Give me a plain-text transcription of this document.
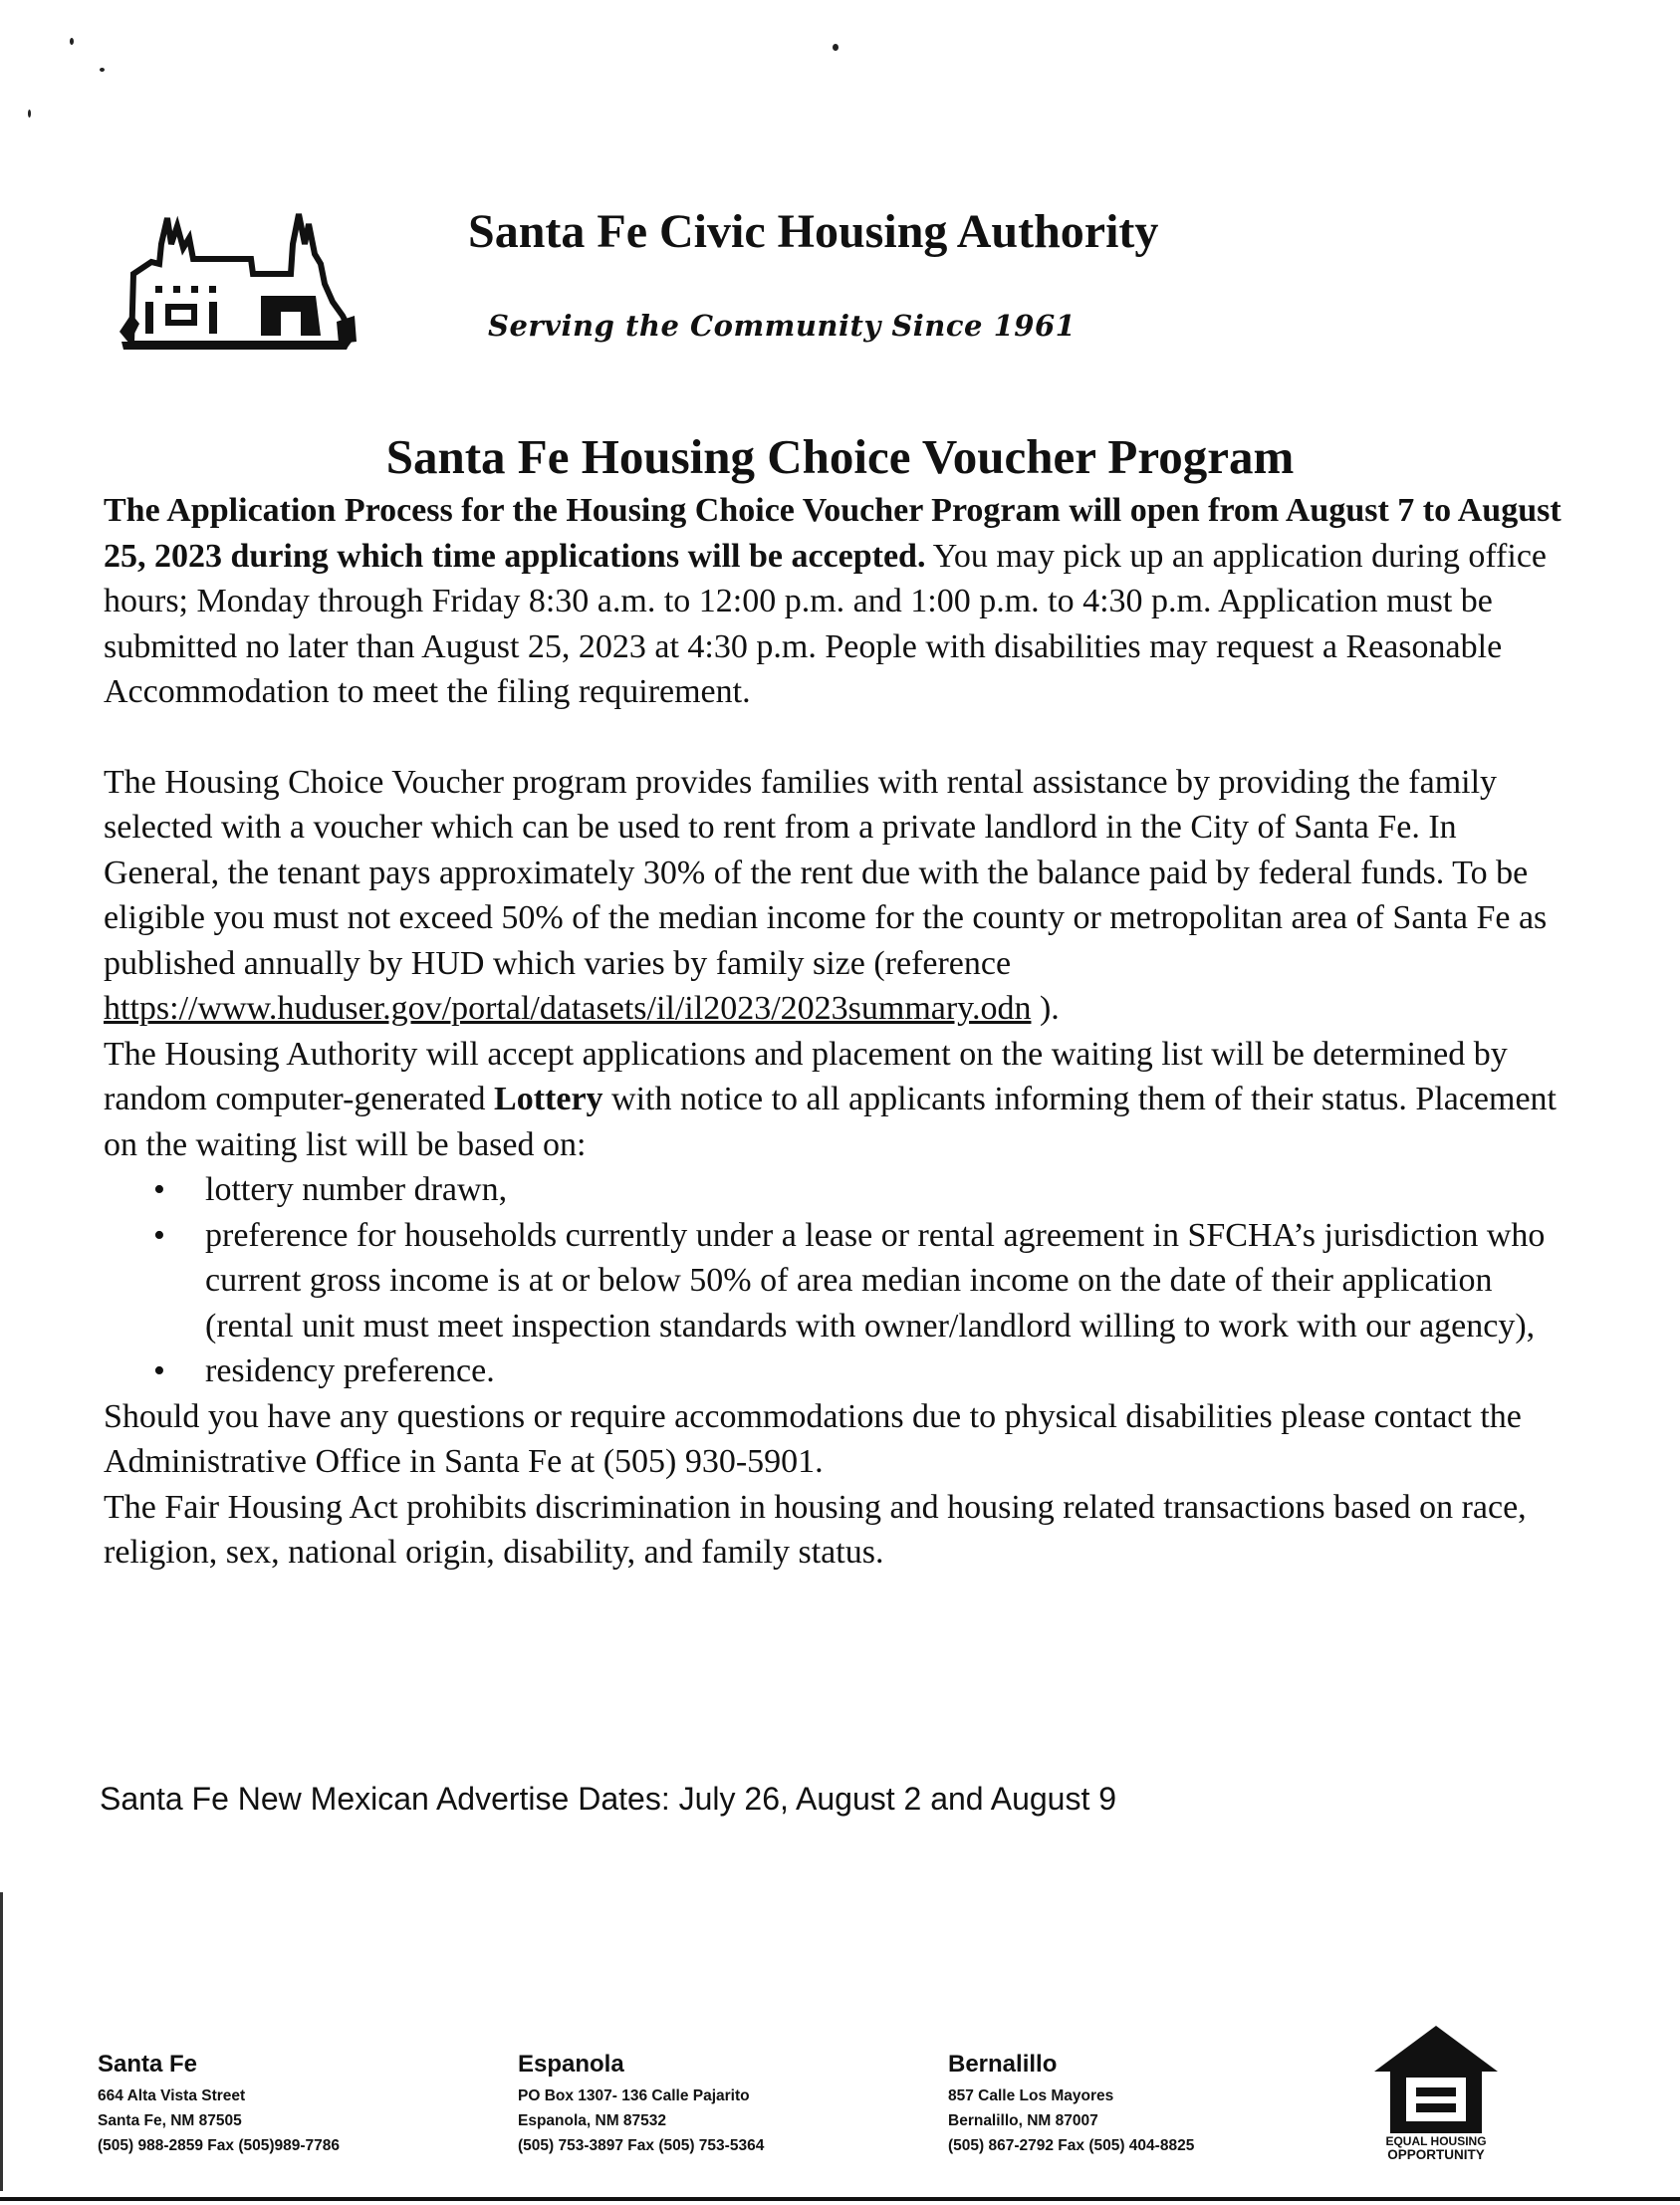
Santa Fe Civic Housing Authority
Serving the Community Since 1961
Santa Fe Housing Choice Voucher Program

The Application Process for the Housing Choice Voucher Program will open from August 7 to August 25, 2023 during which time applications will be accepted. You may pick up an application during office hours; Monday through Friday 8:30 a.m. to 12:00 p.m. and 1:00 p.m. to 4:30 p.m. Application must be submitted no later than August 25, 2023 at 4:30 p.m. People with disabilities may request a Reasonable Accommodation to meet the filing requirement.

The Housing Choice Voucher program provides families with rental assistance by providing the family selected with a voucher which can be used to rent from a private landlord in the City of Santa Fe. In General, the tenant pays approximately 30% of the rent due with the balance paid by federal funds. To be eligible you must not exceed 50% of the median income for the county or metropolitan area of Santa Fe as published annually by HUD which varies by family size (reference https://www.huduser.gov/portal/datasets/il/il2023/2023summary.odn ).

The Housing Authority will accept applications and placement on the waiting list will be determined by random computer-generated Lottery with notice to all applicants informing them of their status. Placement on the waiting list will be based on:

• lottery number drawn,
• preference for households currently under a lease or rental agreement in SFCHA’s jurisdiction who current gross income is at or below 50% of area median income on the date of their application (rental unit must meet inspection standards with owner/landlord willing to work with our agency),
• residency preference.

Should you have any questions or require accommodations due to physical disabilities please contact the Administrative Office in Santa Fe at (505) 930-5901.

The Fair Housing Act prohibits discrimination in housing and housing related transactions based on race, religion, sex, national origin, disability, and family status.

Santa Fe New Mexican Advertise Dates: July 26, August 2 and August 9
Santa Fe
664 Alta Vista Street
Santa Fe, NM 87505
(505) 988-2859 Fax (505)989-7786
Espanola
PO Box 1307- 136 Calle Pajarito
Espanola, NM 87532
(505) 753-3897 Fax (505) 753-5364
Bernalillo
857 Calle Los Mayores
Bernalillo, NM 87007
(505) 867-2792 Fax (505) 404-8825	EQUAL HOUSING
OPPORTUNITY
